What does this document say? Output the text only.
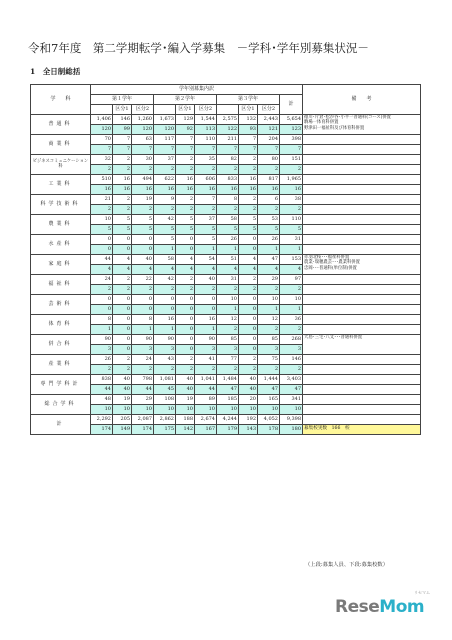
令和7年度　第二学期転学･編入学募集　－学科･学年別募集状況－
1　全日制総括
学　　科	学年別募集内訳										備　　考
	第１学年			第２学年			第３学年			計	
		区分1	区分2		区分1	区分2		区分1	区分2		
普通科	1,406	146	1,260	1,673	129	1,544	2,575	132	2,443	5,654	徳川･片倉･松が谷･小平一普通科(コース)併置
駒場一体育科併置
野津田一福祉科及び体育科併置
	120	99	120	120	92	113	122	93	121	123	
商業科	70	7	63	117	7	110	211	7	204	398	
	7	7	7	7	7	7	7	7	7	7	
ビジネスコミュニケーション科	32	2	30	37	2	35	82	2	80	151	
	2	2	2	2	2	2	2	2	2	2	
工業科	510	16	494	622	16	606	833	16	817	1,965	
	16	16	16	16	16	16	16	16	16	16	
科学技術科	21	2	19	9	2	7	8	2	6	38	
	2	2	2	2	2	2	2	2	2	2	
農業科	10	5	5	42	5	37	58	5	53	110	
	5	5	5	5	5	5	5	5	5	5	
水産科	0	0	0	5	0	5	26	0	26	31	
	0	0	0	1	0	1	1	0	1	1	
家庭科	44	4	40	58	4	54	51	4	47	153	赤羽北桜･･･福祉科併置
農業･瑞穂農芸･･･農業科併置
忠岡･･･普通科(単位制)併置
	4	4	4	4	4	4	4	4	4	4	
福祉科	24	2	22	42	2	40	31	2	29	97	
	2	2	2	2	2	2	2	2	2	2	
芸術科	0	0	0	0	0	0	10	0	10	10	
	0	0	0	0	0	0	1	0	1	1	
体育科	8	0	8	16	0	16	12	0	12	36	
	1	0	1	1	0	1	2	0	2	2	
併合科	90	0	90	90	0	90	85	0	85	268	大島･三宅･八丈･･･普通科併置
	3	0	3	3	0	3	3	0	3	3	
産業科	26	2	24	43	2	41	77	2	75	146	
	2	2	2	2	2	2	2	2	2	2	
専門学科計	838	40	798	1,081	40	1,041	1,484	40	1,444	3,403	
	44	40	44	45	40	44	47	40	47	47	
総合学科	48	19	29	108	19	89	185	20	165	341	
	10	10	10	10	10	10	10	10	10	10	
計	2,292	205	2,087	2,862	188	2,674	4,244	192	4,052	9,398	
	174	149	174	175	142	167	179	143	178	180	募集校実数　166　校
（上段:募集人員、下段:募集校数）
ReseMom
リセマム
